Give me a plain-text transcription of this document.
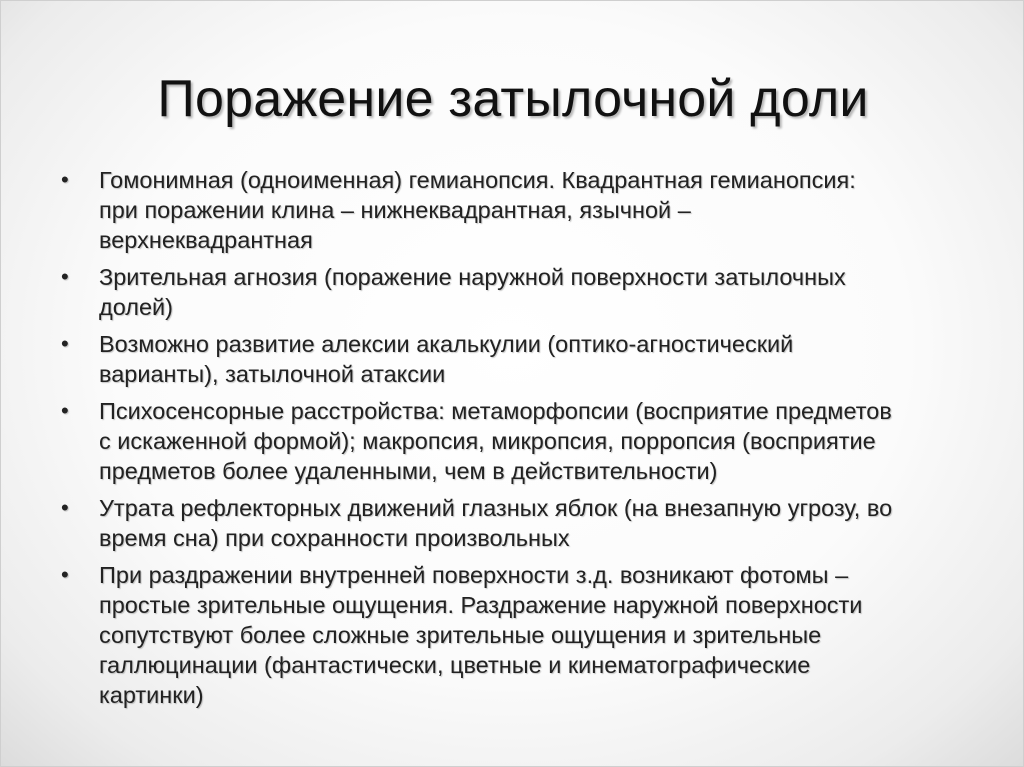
Поражение затылочной доли
•	Гомонимная (одноименная) гемианопсия. Квадрантная гемианопсия:
при поражении клина – нижнеквадрантная, язычной –
верхнеквадрантная
•	Зрительная агнозия (поражение наружной поверхности затылочных
долей)
•	Возможно развитие алексии акалькулии (оптико-агностический
варианты), затылочной атаксии
•	Психосенсорные расстройства: метаморфопсии (восприятие предметов
с искаженной формой); макропсия, микропсия, порропсия (восприятие
предметов более удаленными, чем в действительности)
•	Утрата рефлекторных движений глазных яблок (на внезапную угрозу, во
время сна) при сохранности произвольных
•	При раздражении внутренней поверхности з.д. возникают фотомы –
простые зрительные ощущения. Раздражение наружной поверхности
сопутствуют более сложные зрительные ощущения и зрительные
галлюцинации (фантастически, цветные и кинематографические
картинки)
